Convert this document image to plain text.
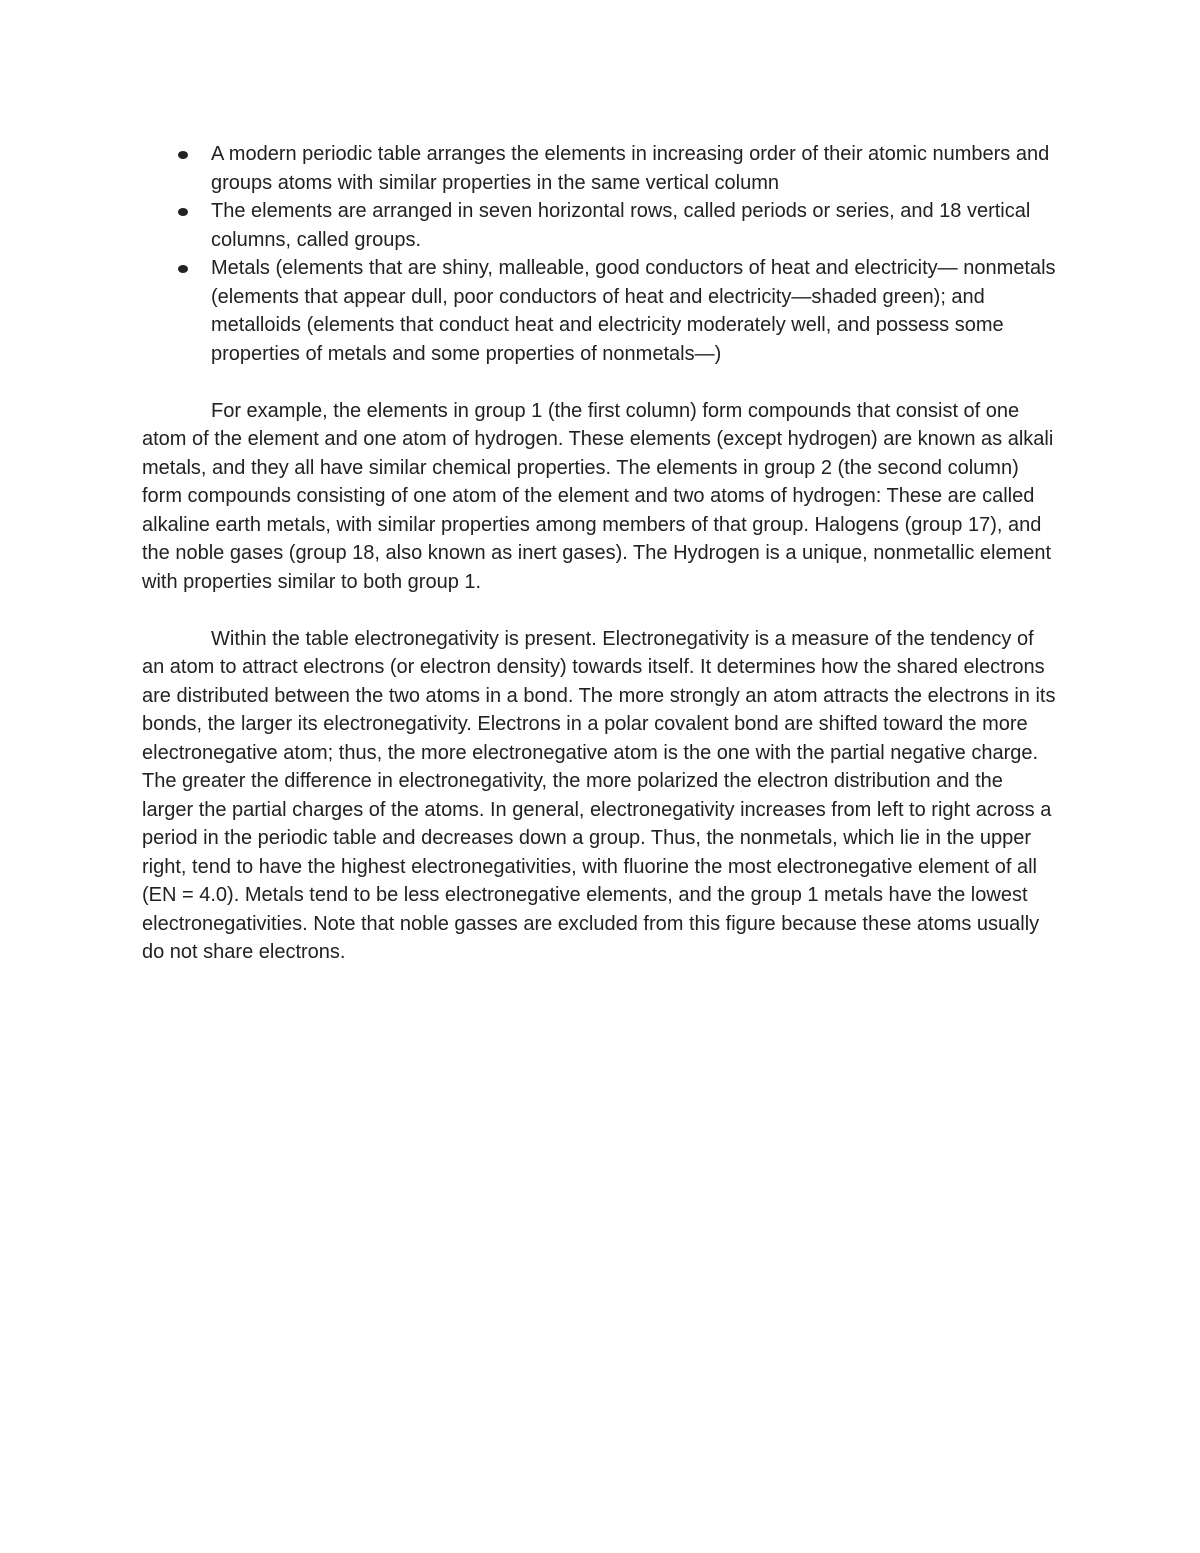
A modern periodic table arranges the elements in increasing order of their atomic numbers and groups atoms with similar properties in the same vertical column
The elements are arranged in seven horizontal rows, called periods or series, and 18 vertical columns, called groups.
Metals (elements that are shiny, malleable, good conductors of heat and electricity— nonmetals (elements that appear dull, poor conductors of heat and electricity—shaded green); and metalloids (elements that conduct heat and electricity moderately well, and possess some properties of metals and some properties of nonmetals—)

For example, the elements in group 1 (the first column) form compounds that consist of one atom of the element and one atom of hydrogen. These elements (except hydrogen) are known as alkali metals, and they all have similar chemical properties. The elements in group 2 (the second column) form compounds consisting of one atom of the element and two atoms of hydrogen: These are called alkaline earth metals, with similar properties among members of that group. Halogens (group 17), and the noble gases (group 18, also known as inert gases). The Hydrogen is a unique, nonmetallic element with properties similar to both group 1.

Within the table electronegativity is present. Electronegativity is a measure of the tendency of an atom to attract electrons (or electron density) towards itself. It determines how the shared electrons are distributed between the two atoms in a bond. The more strongly an atom attracts the electrons in its bonds, the larger its electronegativity. Electrons in a polar covalent bond are shifted toward the more electronegative atom; thus, the more electronegative atom is the one with the partial negative charge. The greater the difference in electronegativity, the more polarized the electron distribution and the larger the partial charges of the atoms. In general, electronegativity increases from left to right across a period in the periodic table and decreases down a group. Thus, the nonmetals, which lie in the upper right, tend to have the highest electronegativities, with fluorine the most electronegative element of all (EN = 4.0). Metals tend to be less electronegative elements, and the group 1 metals have the lowest electronegativities. Note that noble gasses are excluded from this figure because these atoms usually do not share electrons.
